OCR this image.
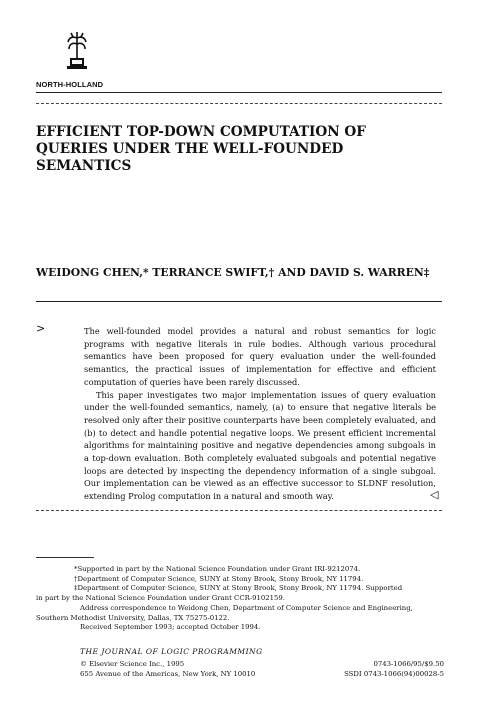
NORTH-HOLLAND
EFFICIENT TOP-DOWN COMPUTATION OF QUERIES UNDER THE WELL-FOUNDED SEMANTICS
WEIDONG CHEN,* TERRANCE SWIFT,† AND DAVID S. WARREN‡
>	The well-founded model provides a natural and robust semantics for logic programs with negative literals in rule bodies. Although various procedural semantics have been proposed for query evaluation under the well-founded semantics, the practical issues of implementation for effective and efficient computation of queries have been rarely discussed.

This paper investigates two major implementation issues of query evaluation under the well-founded semantics, namely, (a) to ensure that negative literals be resolved only after their positive counterparts have been completely evaluated, and (b) to detect and handle potential negative loops. We present efficient incremental algorithms for maintaining positive and negative dependencies among subgoals in a top-down evaluation. Both completely evaluated subgoals and potential negative loops are detected by inspecting the dependency information of a single subgoal. Our implementation can be viewed as an effective successor to SLDNF resolution, extending Prolog computation in a natural and smooth way.	◁
*Supported in part by the National Science Foundation under Grant IRI-9212074.
†Department of Computer Science, SUNY at Stony Brook, Stony Brook, NY 11794.
‡Department of Computer Science, SUNY at Stony Brook, Stony Brook, NY 11794. Supported
in part by the National Science Foundation under Grant CCR-9102159.
Address correspondence to Weidong Chen, Department of Computer Science and Engineering,
Southern Methodist University, Dallas, TX 75275-0122.
Received September 1993; accepted October 1994.
THE JOURNAL OF LOGIC PROGRAMMING
© Elsevier Science Inc., 1995	0743-1066/95/$9.50
655 Avenue of the Americas, New York, NY 10010	SSDI 0743-1066(94)00028-5
